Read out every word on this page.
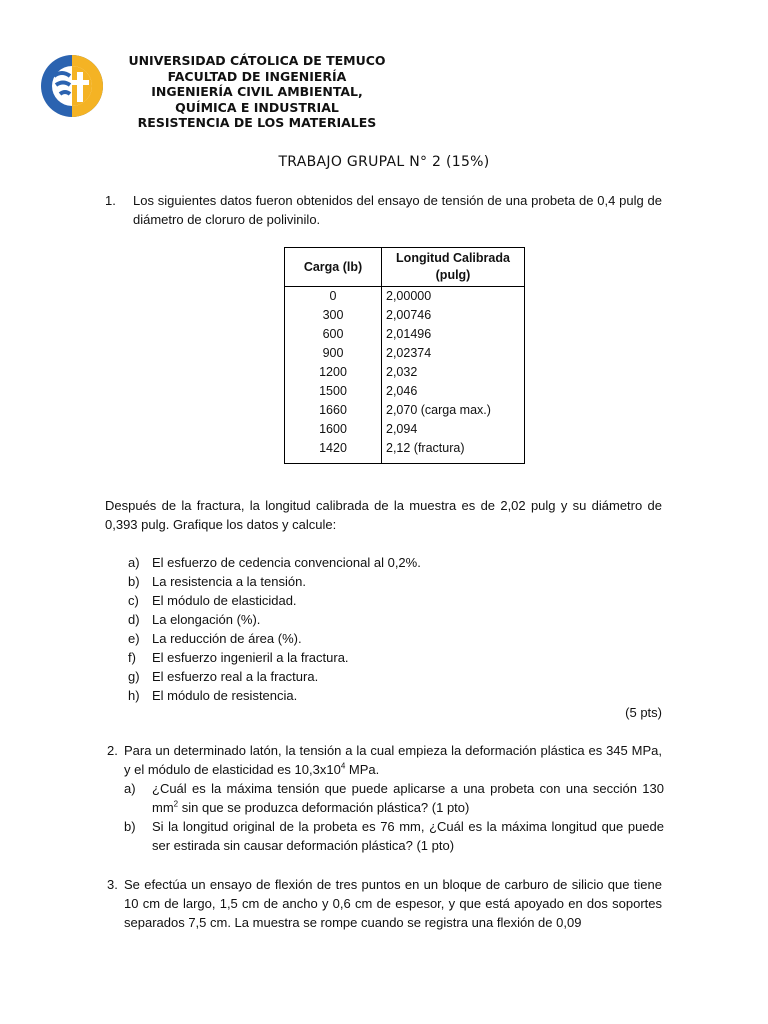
UNIVERSIDAD CÁTOLICA DE TEMUCO
FACULTAD DE INGENIERÍA
INGENIERÍA CIVIL AMBIENTAL,
QUÍMICA E INDUSTRIAL
RESISTENCIA DE LOS MATERIALES
TRABAJO GRUPAL N° 2 (15%)
1. Los siguientes datos fueron obtenidos del ensayo de tensión de una probeta de 0,4 pulg de diámetro de cloruro de polivinilo.
Carga (lb)	Longitud Calibrada (pulg)
0	2,00000
300	2,00746
600	2,01496
900	2,02374
1200	2,032
1500	2,046
1660	2,070 (carga max.)
1600	2,094
1420	2,12 (fractura)
Después de la fractura, la longitud calibrada de la muestra es de 2,02 pulg y su diámetro de 0,393 pulg. Grafique los datos y calcule:
a) El esfuerzo de cedencia convencional al 0,2%.
b) La resistencia a la tensión.
c)	El módulo de elasticidad.
d) La elongación (%).
e) La reducción de área (%).
f)	El esfuerzo ingenieril a la fractura.
g) El esfuerzo real a la fractura.
h) El módulo de resistencia.
(5 pts)
2. Para un determinado latón, la tensión a la cual empieza la deformación plástica es 345 MPa, y el módulo de elasticidad es $10,3x10^4$ MPa.
a)	¿Cuál es la máxima tensión que puede aplicarse a una probeta con una sección 130 $mm^2$ sin que se produzca deformación plástica? (1 pto)
b)	Si la longitud original de la probeta es 76 mm, ¿Cuál es la máxima longitud que puede ser estirada sin causar deformación plástica? (1 pto)
3. Se efectúa un ensayo de flexión de tres puntos en un bloque de carburo de silicio que tiene 10 cm de largo, 1,5 cm de ancho y 0,6 cm de espesor, y que está apoyado en dos soportes separados 7,5 cm. La muestra se rompe cuando se registra una flexión de 0,09
